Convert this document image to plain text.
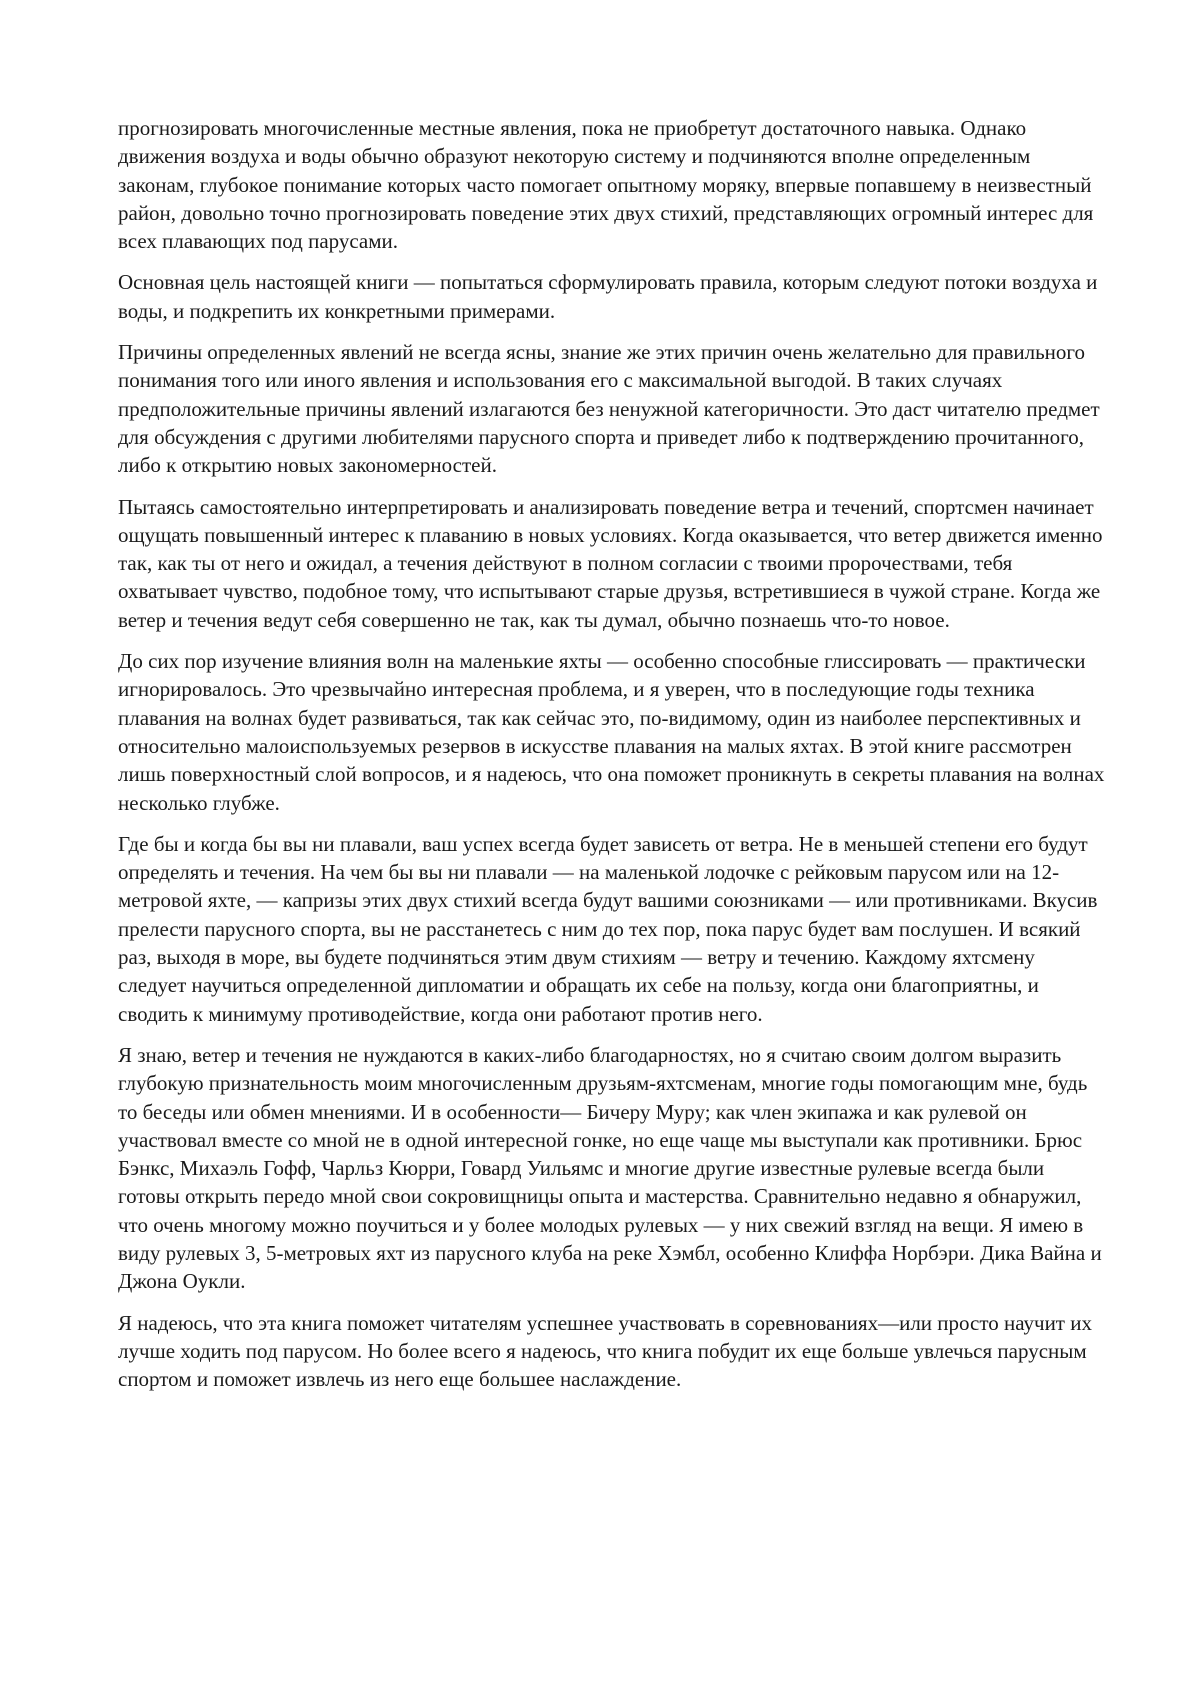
прогнозировать многочисленные местные явления, пока не приобретут достаточного навыка. Однако движения воздуха и воды обычно образуют некоторую систему и подчиняются вполне определенным законам, глубокое понимание которых часто помогает опытному моряку, впервые попавшему в неизвестный район, довольно точно прогнозировать поведение этих двух стихий, представляющих огромный интерес для всех плавающих под парусами.

Основная цель настоящей книги — попытаться сформулировать правила, которым следуют потоки воздуха и воды, и подкрепить их конкретными примерами.

Причины определенных явлений не всегда ясны, знание же этих причин очень желательно для правильного понимания того или иного явления и использования его с максимальной выгодой. В таких случаях предположительные причины явлений излагаются без ненужной категоричности. Это даст читателю предмет для обсуждения с другими любителями парусного спорта и приведет либо к подтверждению прочитанного, либо к открытию новых закономерностей.

Пытаясь самостоятельно интерпретировать и анализировать поведение ветра и течений, спортсмен начинает ощущать повышенный интерес к плаванию в новых условиях. Когда оказывается, что ветер движется именно так, как ты от него и ожидал, а течения действуют в полном согласии с твоими пророчествами, тебя охватывает чувство, подобное тому, что испытывают старые друзья, встретившиеся в чужой стране. Когда же ветер и течения ведут себя совершенно не так, как ты думал, обычно познаешь что-то новое.

До сих пор изучение влияния волн на маленькие яхты — особенно способные глиссировать — практически игнорировалось. Это чрезвычайно интересная проблема, и я уверен, что в последующие годы техника плавания на волнах будет развиваться, так как сейчас это, по-видимому, один из наиболее перспективных и относительно малоиспользуемых резервов в искусстве плавания на малых яхтах. В этой книге рассмотрен лишь поверхностный слой вопросов, и я надеюсь, что она поможет проникнуть в секреты плавания на волнах несколько глубже.

Где бы и когда бы вы ни плавали, ваш успех всегда будет зависеть от ветра. Не в меньшей степени его будут определять и течения. На чем бы вы ни плавали — на маленькой лодочке с рейковым парусом или на 12-метровой яхте, — капризы этих двух стихий всегда будут вашими союзниками — или противниками. Вкусив прелести парусного спорта, вы не расстанетесь с ним до тех пор, пока парус будет вам послушен. И всякий раз, выходя в море, вы будете подчиняться этим двум стихиям — ветру и течению. Каждому яхтсмену следует научиться определенной дипломатии и обращать их себе на пользу, когда они благоприятны, и сводить к минимуму противодействие, когда они работают против него.

Я знаю, ветер и течения не нуждаются в каких-либо благодарностях, но я считаю своим долгом выразить глубокую признательность моим многочисленным друзьям-яхтсменам, многие годы помогающим мне, будь то беседы или обмен мнениями. И в особенности— Бичеру Муру; как член экипажа и как рулевой он участвовал вместе со мной не в одной интересной гонке, но еще чаще мы выступали как противники. Брюс Бэнкс, Михаэль Гофф, Чарльз Кюрри, Говард Уильямс и многие другие известные рулевые всегда были готовы открыть передо мной свои сокровищницы опыта и мастерства. Сравнительно недавно я обнаружил, что очень многому можно поучиться и у более молодых рулевых — у них свежий взгляд на вещи. Я имею в виду рулевых 3, 5-метровых яхт из парусного клуба на реке Хэмбл, особенно Клиффа Норбэри. Дика Вайна и Джона Оукли.

Я надеюсь, что эта книга поможет читателям успешнее участвовать в соревнованиях—или просто научит их лучше ходить под парусом. Но более всего я надеюсь, что книга побудит их еще больше увлечься парусным спортом и поможет извлечь из него еще большее наслаждение.
